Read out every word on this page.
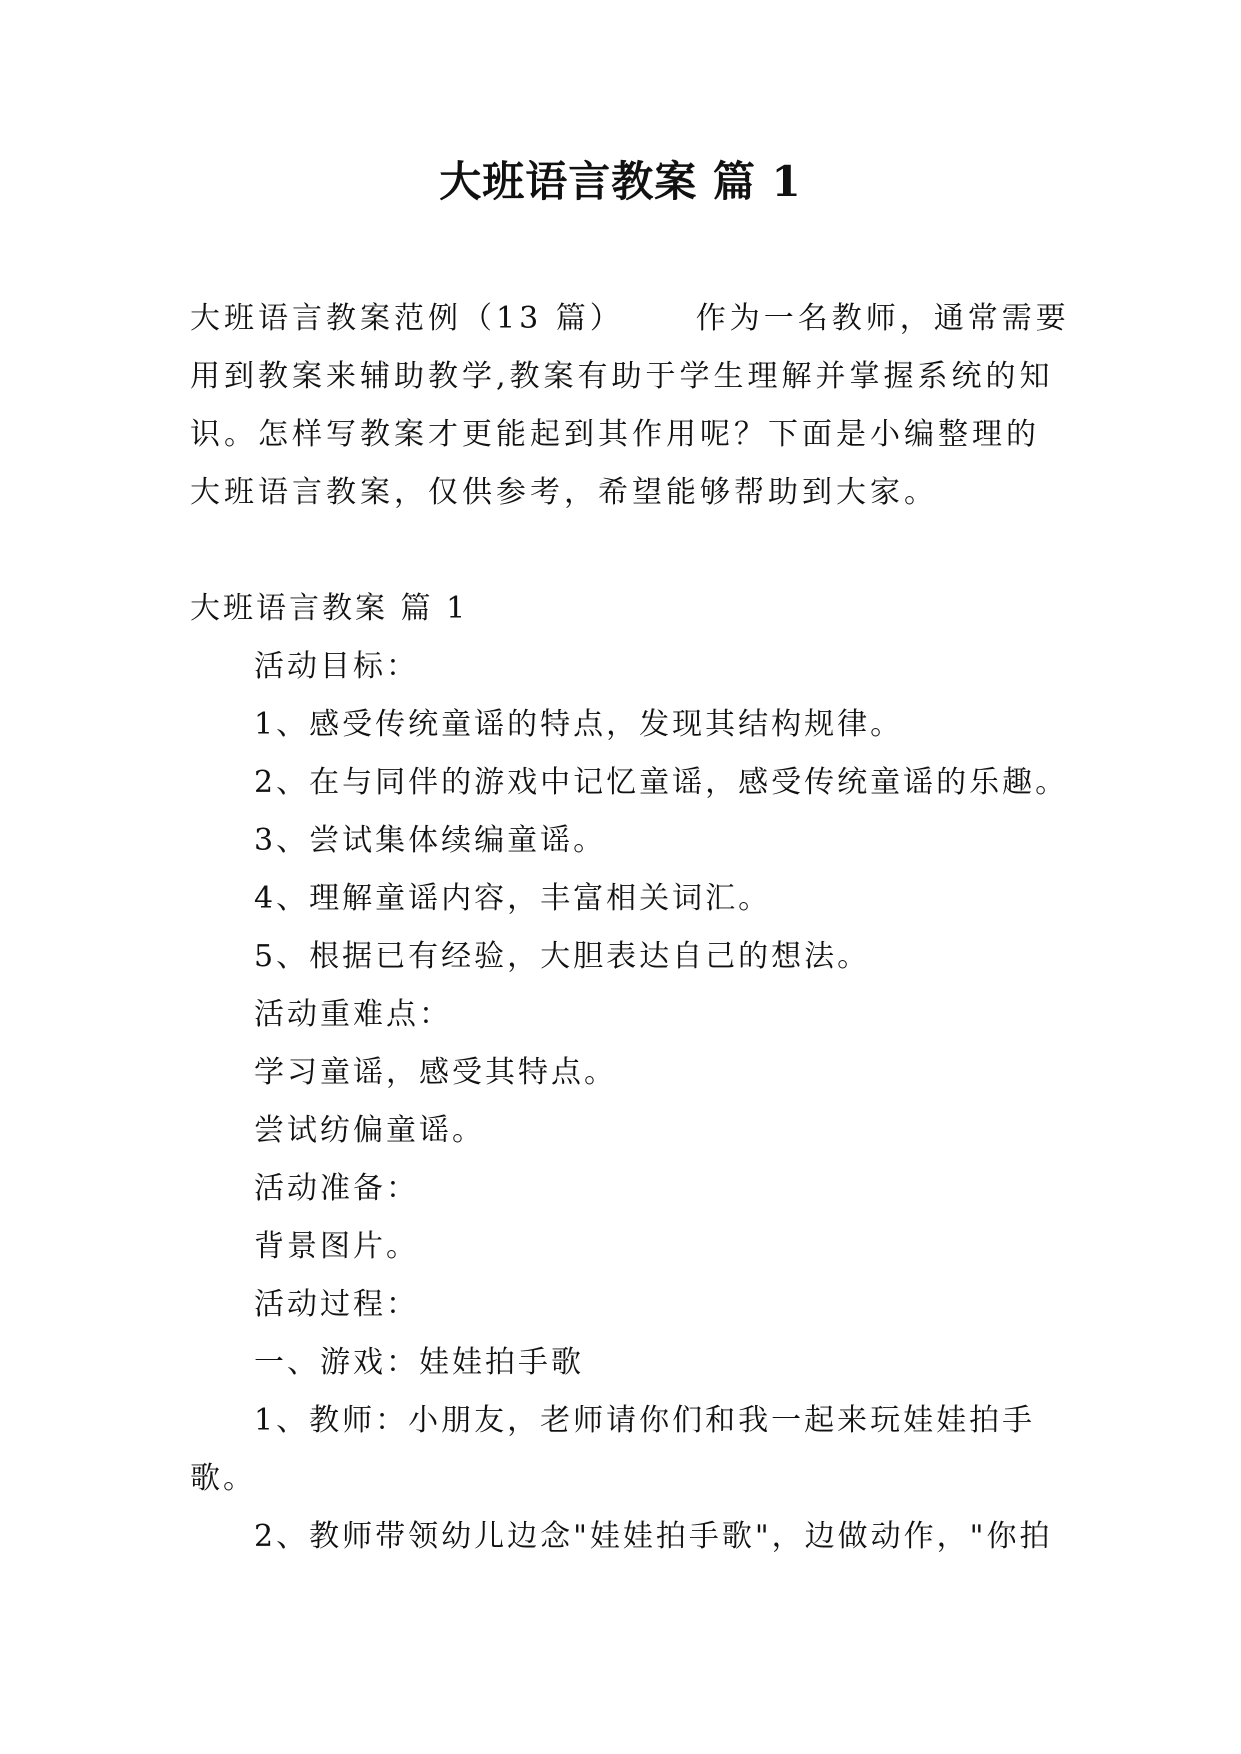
大班语言教案 篇 1

大班语言教案范例（13 篇） 作为一名教师，通常需要用到教案来辅助教学,教案有助于学生理解并掌握系统的知识。怎样写教案才更能起到其作用呢？下面是小编整理的大班语言教案，仅供参考，希望能够帮助到大家。

大班语言教案 篇 1
活动目标：
1、感受传统童谣的特点，发现其结构规律。
2、在与同伴的游戏中记忆童谣，感受传统童谣的乐趣。
3、尝试集体续编童谣。
4、理解童谣内容，丰富相关词汇。
5、根据已有经验，大胆表达自己的想法。
活动重难点：
学习童谣，感受其特点。
尝试纺偏童谣。
活动准备：
背景图片。
活动过程：
一、游戏：娃娃拍手歌
1、教师：小朋友，老师请你们和我一起来玩娃娃拍手歌。
2、教师带领幼儿边念"娃娃拍手歌"，边做动作，"你拍
